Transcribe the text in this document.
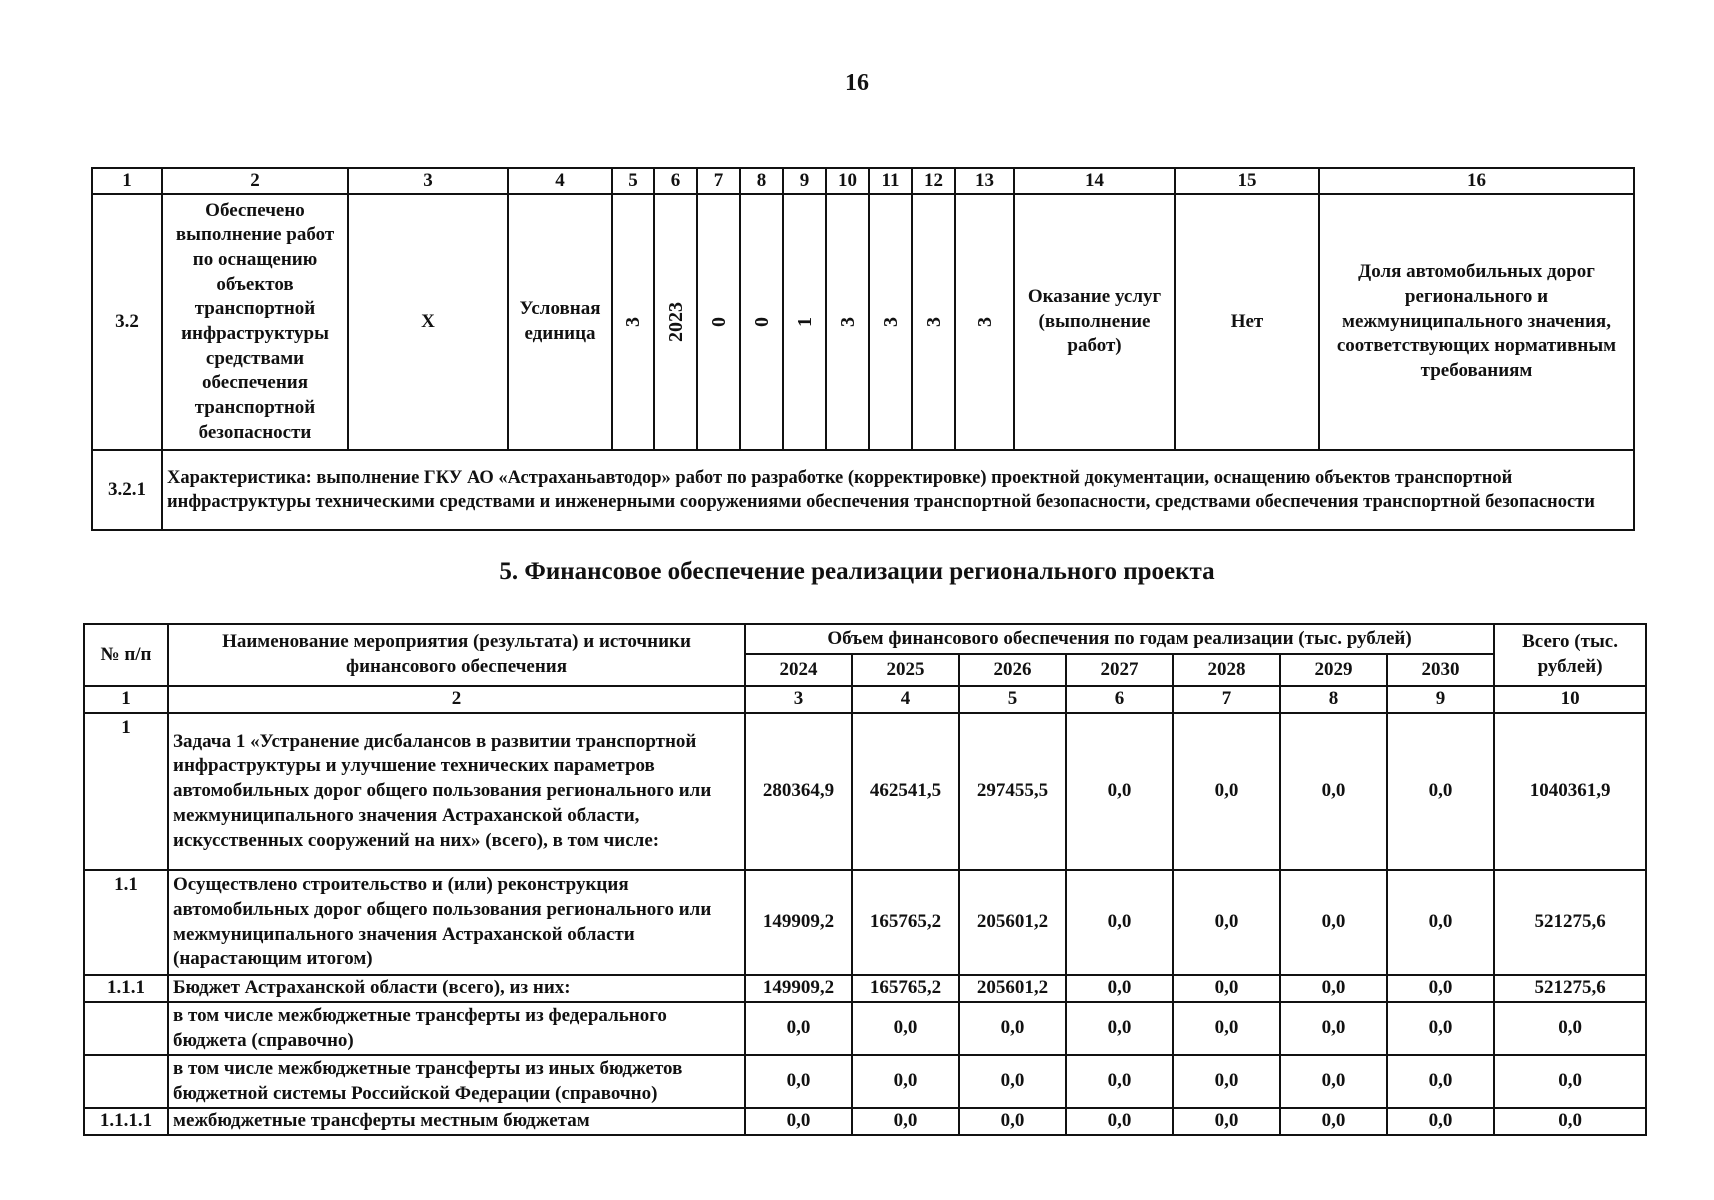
16
1	2	3	4	5	6	7	8	9	10	11	12	13	14	15	16
3.2	Обеспечено выполнение работ по оснащению объектов транспортной инфраструктуры средствами обеспечения транспортной безопасности	X	Условная единица	3	2023	0	0	1	3	3	3	3	Оказание услуг (выполнение работ)	Нет	Доля автомобильных дорог регионального и межмуниципального значения, соответствующих нормативным требованиям
3.2.1	Характеристика: выполнение ГКУ АО «Астраханьавтодор» работ по разработке (корректировке) проектной документации, оснащению объектов транспортной инфраструктуры техническими средствами и инженерными сооружениями обеспечения транспортной безопасности, средствами обеспечения транспортной безопасности														
5. Финансовое обеспечение реализации регионального проекта
№ п/п	Наименование мероприятия (результата) и источники финансового обеспечения	Объем финансового обеспечения по годам реализации (тыс. рублей)							Всего (тыс. рублей)
		2024	2025	2026	2027	2028	2029	2030	
1	2	3	4	5	6	7	8	9	10
1	Задача 1 «Устранение дисбалансов в развитии транспортной инфраструктуры и улучшение технических параметров автомобильных дорог общего пользования регионального или межмуниципального значения Астраханской области, искусственных сооружений на них» (всего), в том числе:	280364,9	462541,5	297455,5	0,0	0,0	0,0	0,0	1040361,9
1.1	Осуществлено строительство и (или) реконструкция автомобильных дорог общего пользования регионального или межмуниципального значения Астраханской области (нарастающим итогом)	149909,2	165765,2	205601,2	0,0	0,0	0,0	0,0	521275,6
1.1.1	Бюджет Астраханской области (всего), из них:	149909,2	165765,2	205601,2	0,0	0,0	0,0	0,0	521275,6
	в том числе межбюджетные трансферты из федерального бюджета (справочно)	0,0	0,0	0,0	0,0	0,0	0,0	0,0	0,0
	в том числе межбюджетные трансферты из иных бюджетов бюджетной системы Российской Федерации (справочно)	0,0	0,0	0,0	0,0	0,0	0,0	0,0	0,0
1.1.1.1	межбюджетные трансферты местным бюджетам	0,0	0,0	0,0	0,0	0,0	0,0	0,0	0,0
